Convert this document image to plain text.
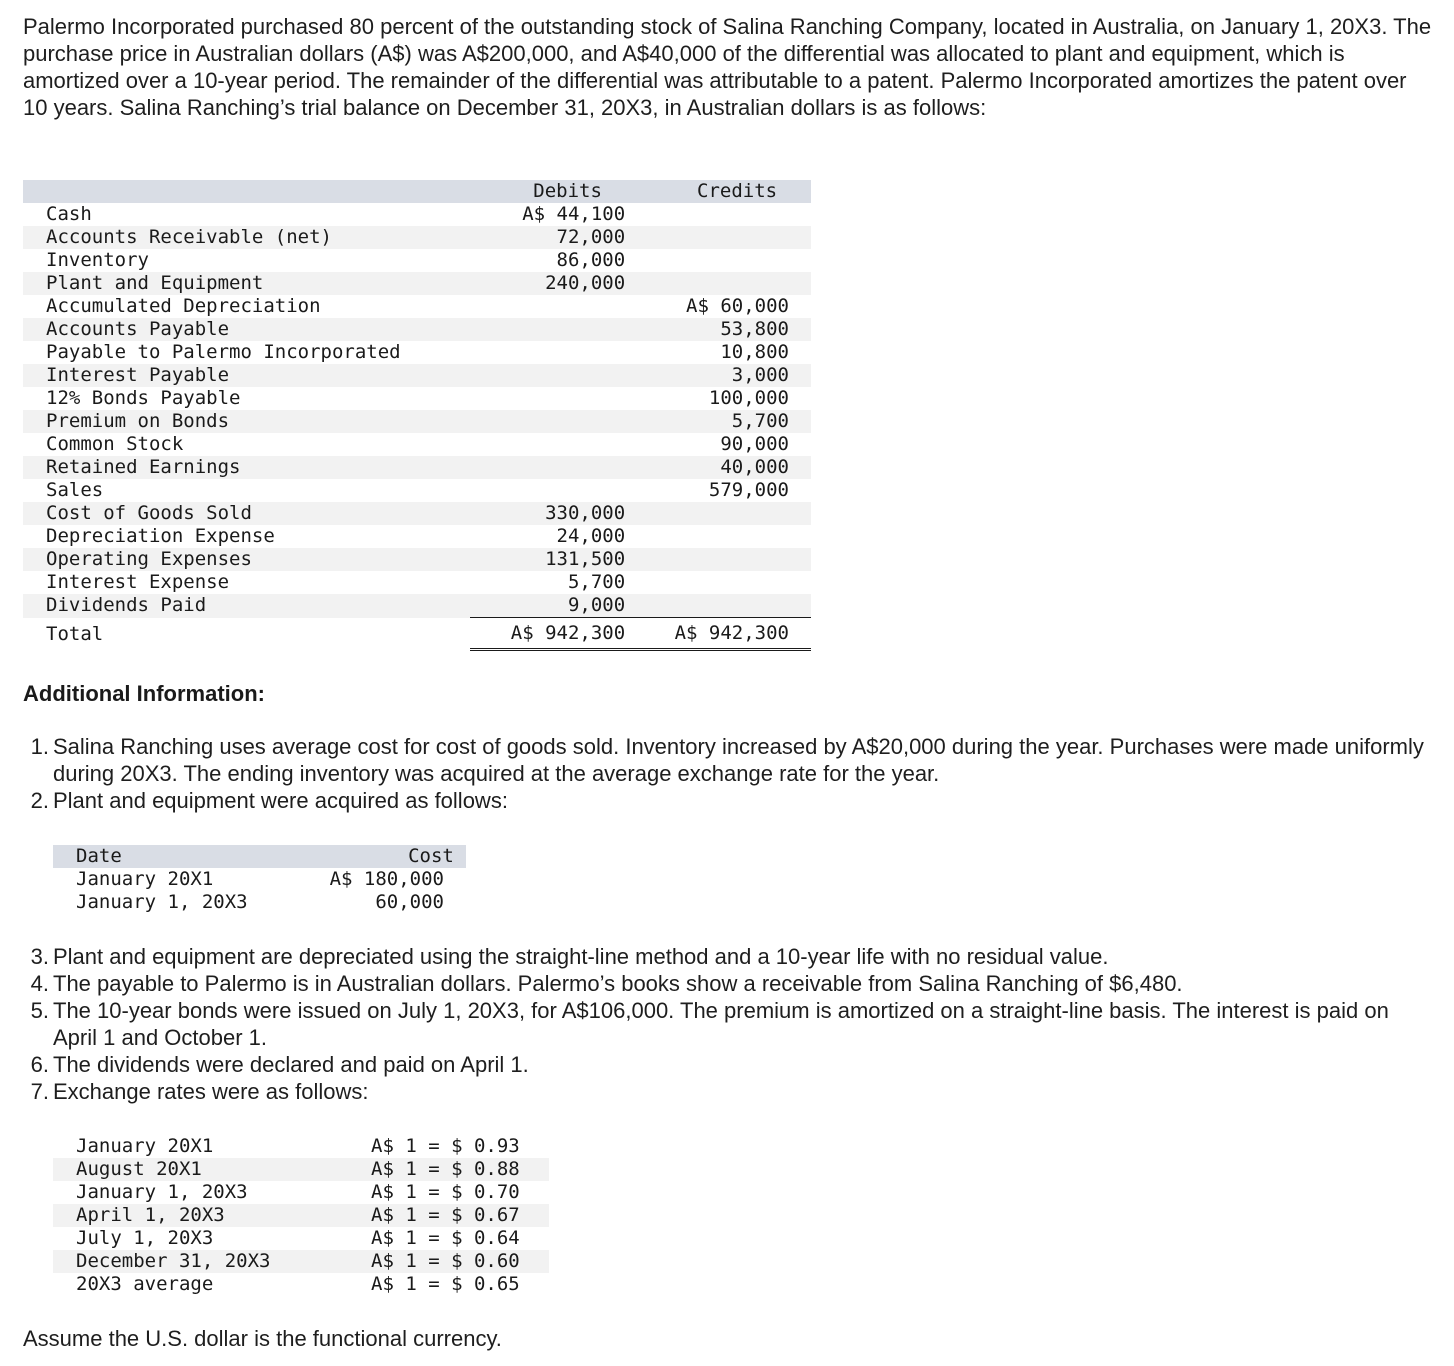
Palermo Incorporated purchased 80 percent of the outstanding stock of Salina Ranching Company, located in Australia, on January 1, 20X3. The purchase price in Australian dollars (A$) was A$200,000, and A$40,000 of the differential was allocated to plant and equipment, which is amortized over a 10-year period. The remainder of the differential was attributable to a patent. Palermo Incorporated amortizes the patent over 10 years. Salina Ranching’s trial balance on December 31, 20X3, in Australian dollars is as follows:

	Debits	Credits
Cash	A$ 44,100	
Accounts Receivable (net)	72,000	
Inventory	86,000	
Plant and Equipment	240,000	
Accumulated Depreciation		A$ 60,000
Accounts Payable		53,800
Payable to Palermo Incorporated		10,800
Interest Payable		3,000
12% Bonds Payable		100,000
Premium on Bonds		5,700
Common Stock		90,000
Retained Earnings		40,000
Sales		579,000
Cost of Goods Sold	330,000	
Depreciation Expense	24,000	
Operating Expenses	131,500	
Interest Expense	5,700	
Dividends Paid	9,000	
Total	A$ 942,300	A$ 942,300

Additional Information:

1. Salina Ranching uses average cost for cost of goods sold. Inventory increased by A$20,000 during the year. Purchases were made uniformly during 20X3. The ending inventory was acquired at the average exchange rate for the year.
2. Plant and equipment were acquired as follows:
Date	Cost
January 20X1	A$ 180,000
January 1, 20X3	60,000
3. Plant and equipment are depreciated using the straight-line method and a 10-year life with no residual value.
4. The payable to Palermo is in Australian dollars. Palermo’s books show a receivable from Salina Ranching of $6,480.
5. The 10-year bonds were issued on July 1, 20X3, for A$106,000. The premium is amortized on a straight-line basis. The interest is paid on April 1 and October 1.
6. The dividends were declared and paid on April 1.
7. Exchange rates were as follows:
January 20X1	A$ 1 = $ 0.93
August 20X1	A$ 1 = $ 0.88
January 1, 20X3	A$ 1 = $ 0.70
April 1, 20X3	A$ 1 = $ 0.67
July 1, 20X3	A$ 1 = $ 0.64
December 31, 20X3	A$ 1 = $ 0.60
20X3 average	A$ 1 = $ 0.65

Assume the U.S. dollar is the functional currency.
